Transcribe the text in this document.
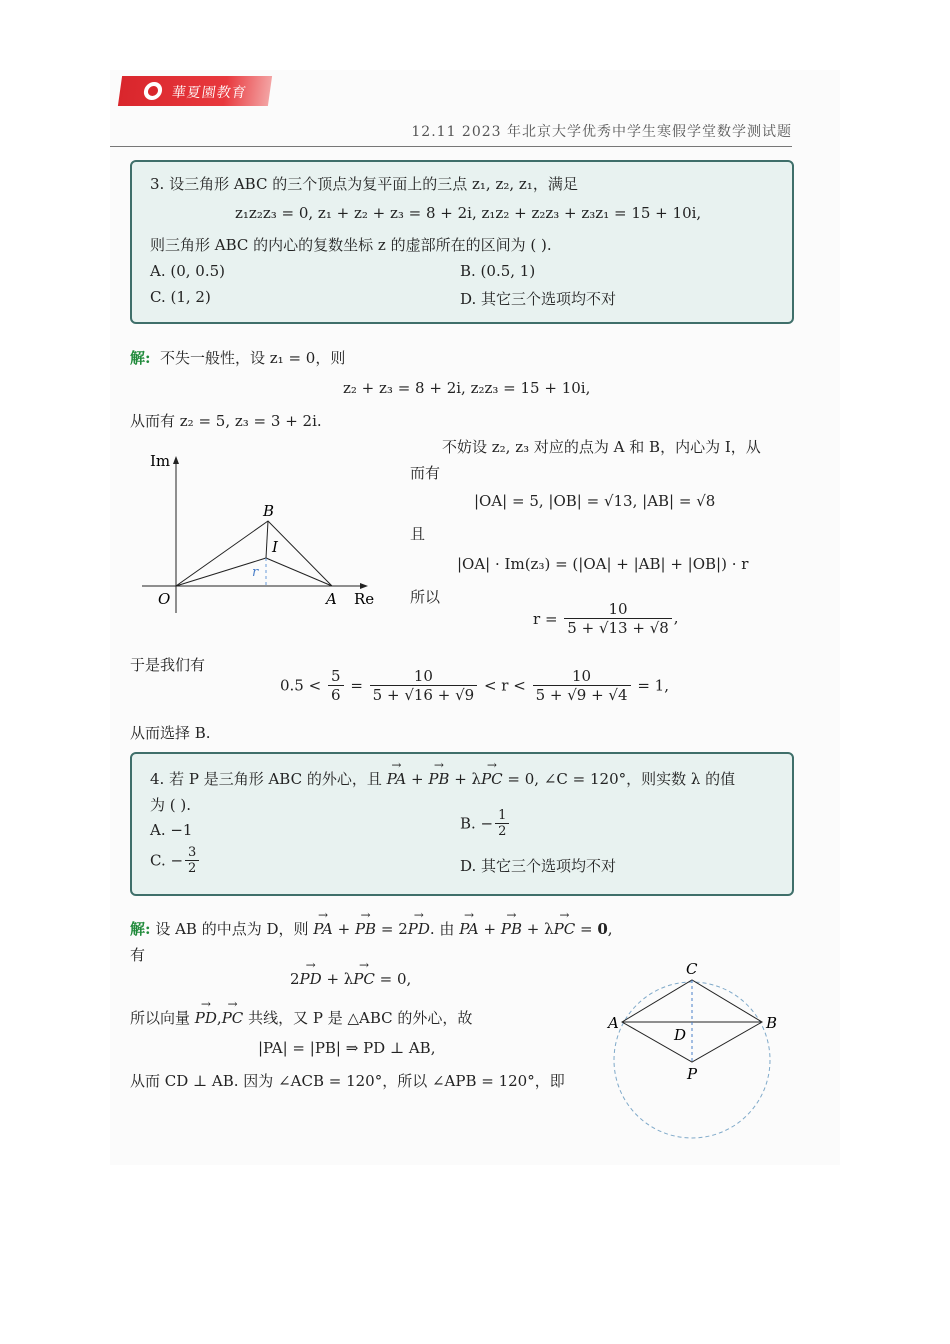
華夏園教育
12.11 2023 年北京大学优秀中学生寒假学堂数学测试题
3. 设三角形 ABC 的三个顶点为复平面上的三点 z₁, z₂, z₁，满足
z₁z₂z₃ = 0, z₁ + z₂ + z₃ = 8 + 2i, z₁z₂ + z₂z₃ + z₃z₁ = 15 + 10i,
则三角形 ABC 的内心的复数坐标 z 的虚部所在的区间为 ( ).
A. (0, 0.5)	B. (0.5, 1)
C. (1, 2)	D. 其它三个选项均不对
解: 不失一般性，设 z₁ = 0，则
z₂ + z₃ = 8 + 2i, z₂z₃ = 15 + 10i,
从而有 z₂ = 5, z₃ = 3 + 2i.
不妨设 z₂, z₃ 对应的点为 A 和 B，内心为 I，从
而有
|OA| = 5, |OB| = √13, |AB| = √8
且
|OA| · Im(z₃) = (|OA| + |AB| + |OB|) · r
所以
$r = \frac{10}{5 + √13 + √8}$ ,
于是我们有
$0.5 < \frac{5}{6} = \frac{10}{5 + √16 + √9} < r < \frac{10}{5 + √9 + √4} = 1$,
从而选择 B.
Im
Re
O	A
B
I
r
4. 若 P 是三角形 ABC 的外心，且 → PA + → PB + λ→ PC = 0, ∠C = 120°，则实数 λ 的值
为 ( ).
A. −1	B. − $\frac{1}{2}$
C. − $\frac{3}{2}$	D. 其它三个选项均不对
解: 设 AB 的中点为 D，则 → PA + → PB = 2→ PD. 由 → PA + → PB + λ→ PC = 0,
有
2→ PD + λ→ PC = 0,
所以向量 → PD,→ PC 共线，又 P 是 △ABC 的外心，故
|PA| = |PB| ⇒ PD ⊥ AB,
从而 CD ⊥ AB. 因为 ∠ACB = 120°，所以 ∠APB = 120°，即
A	B
C
D
P
